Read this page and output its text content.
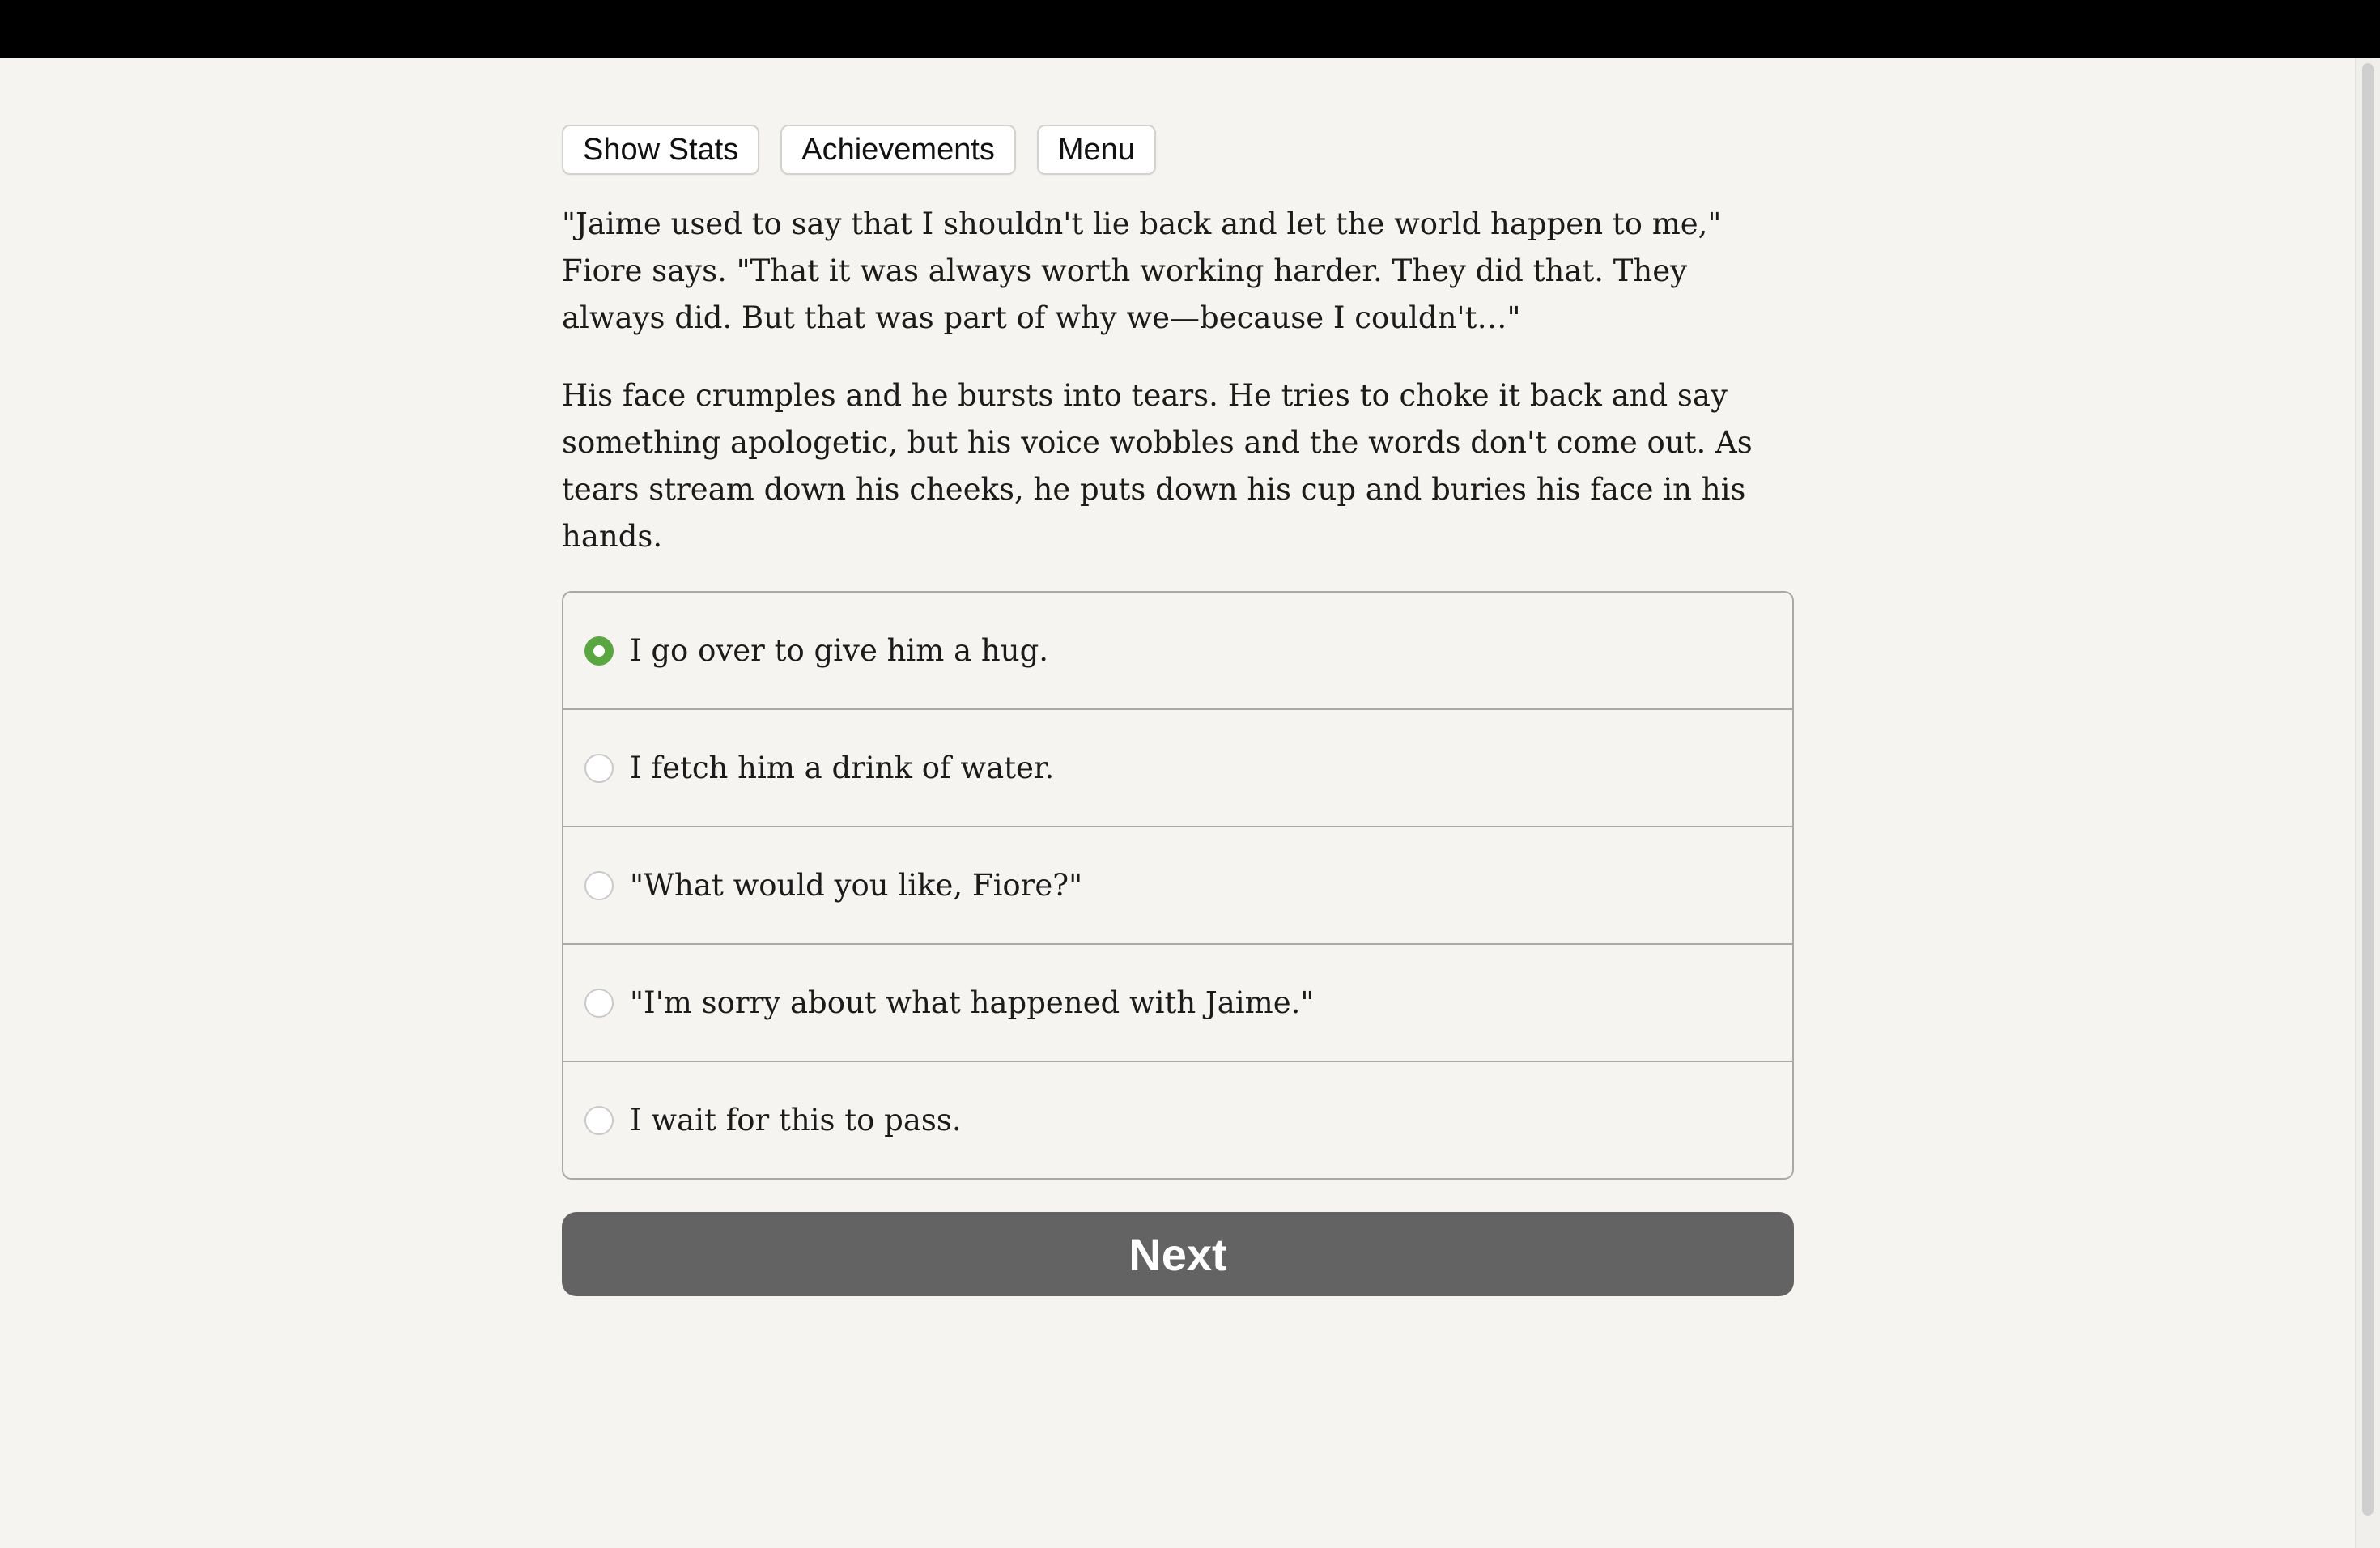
Show Stats	Achievements	Menu

"Jaime used to say that I shouldn't lie back and let the world happen to me," Fiore says. "That it was always worth working harder. They did that. They always did. But that was part of why we—because I couldn't…"

His face crumples and he bursts into tears. He tries to choke it back and say something apologetic, but his voice wobbles and the words don't come out. As tears stream down his cheeks, he puts down his cup and buries his face in his hands.

I go over to give him a hug.
I fetch him a drink of water.
"What would you like, Fiore?"
"I'm sorry about what happened with Jaime."
I wait for this to pass.
Next
